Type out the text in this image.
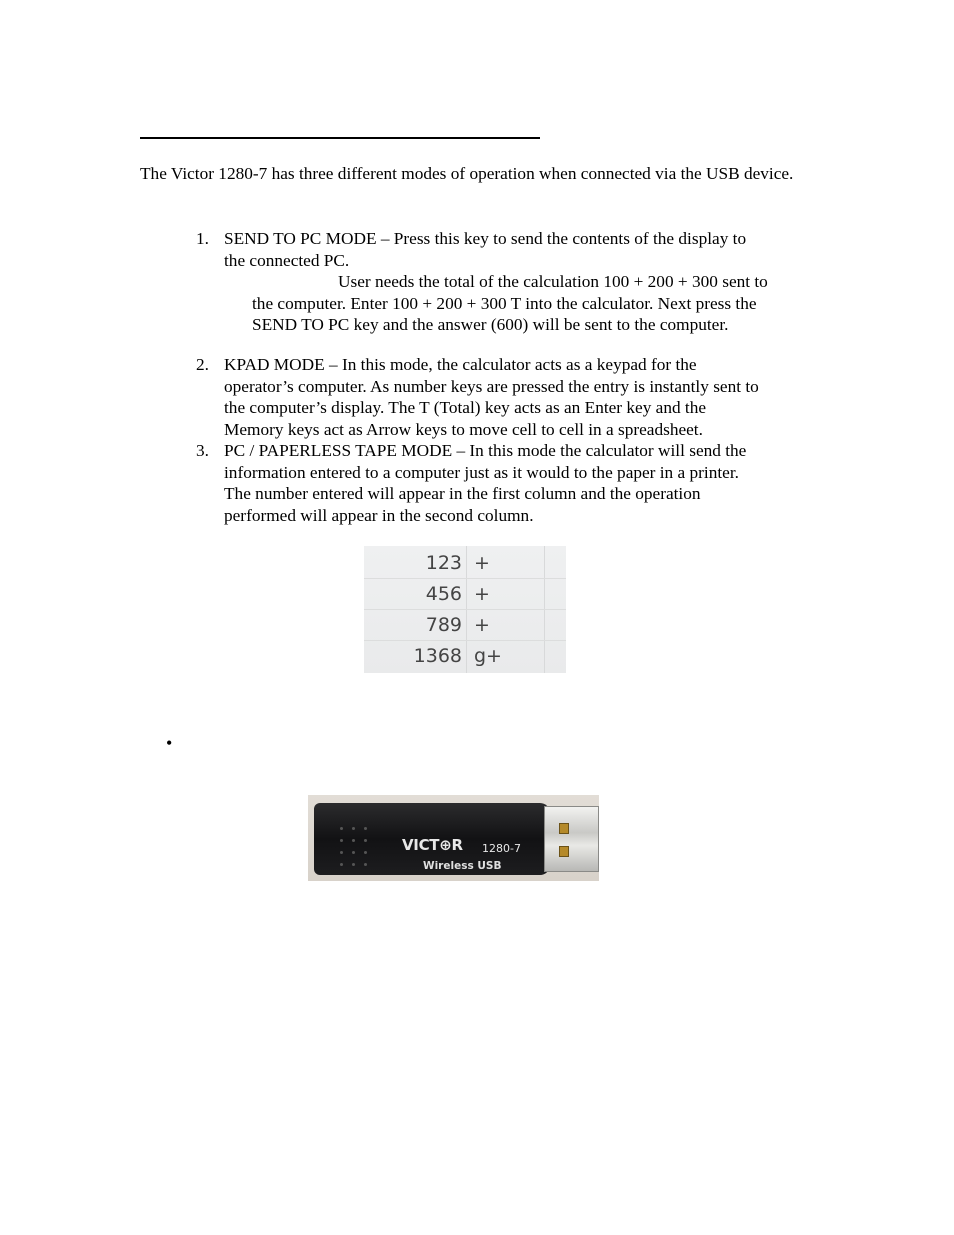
The Victor 1280-7 has three different modes of operation when connected via the USB device.

1. SEND TO PC MODE – Press this key to send the contents of the display to
the connected PC.
User needs the total of the calculation 100 + 200 + 300 sent to
the computer. Enter 100 + 200 + 300 T into the calculator. Next press the
SEND TO PC key and the answer (600) will be sent to the computer.
2. KPAD MODE – In this mode, the calculator acts as a keypad for the
operator’s computer. As number keys are pressed the entry is instantly sent to
the computer’s display. The T (Total) key acts as an Enter key and the
Memory keys act as Arrow keys to move cell to cell in a spreadsheet.
3. PC / PAPERLESS TAPE MODE – In this mode the calculator will send the
information entered to a computer just as it would to the paper in a printer.
The number entered will appear in the first column and the operation
performed will appear in the second column.
123 +
456 +
789 +
1368 g+
•
VICT⊕R 1280-7
Wireless USB
